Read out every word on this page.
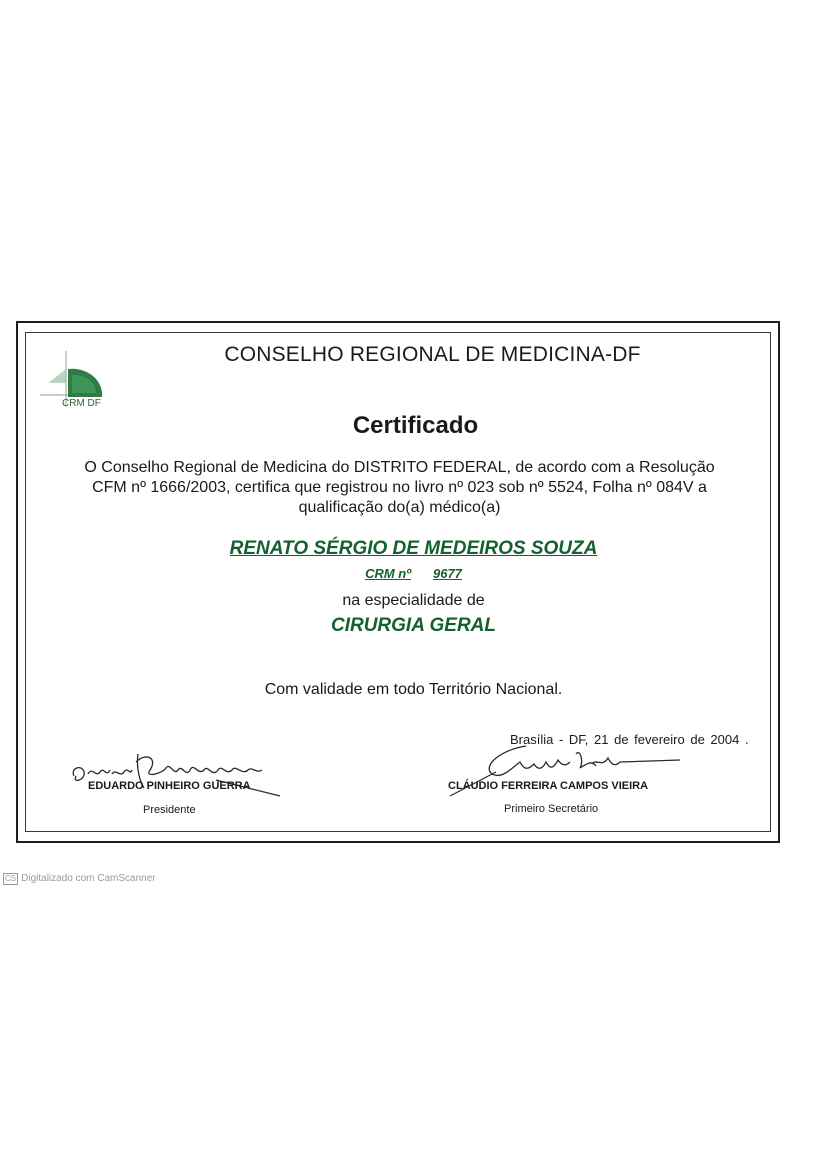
CRM DF
CONSELHO REGIONAL DE MEDICINA-DF
Certificado
O Conselho Regional de Medicina do DISTRITO FEDERAL, de acordo com a Resolução
CFM nº 1666/2003, certifica que registrou no livro nº 023 sob nº 5524, Folha nº 084V a
qualificação do(a) médico(a)
RENATO SÉRGIO DE MEDEIROS SOUZA
CRM nº 9677
na especialidade de
CIRURGIA GERAL
Com validade em todo Território Nacional.
Brasília - DF, 21 de fevereiro de 2004 .
EDUARDO PINHEIRO GUERRA
Presidente
CLÁUDIO FERREIRA CAMPOS VIEIRA
Primeiro Secretário
CS Digitalizado com CamScanner
